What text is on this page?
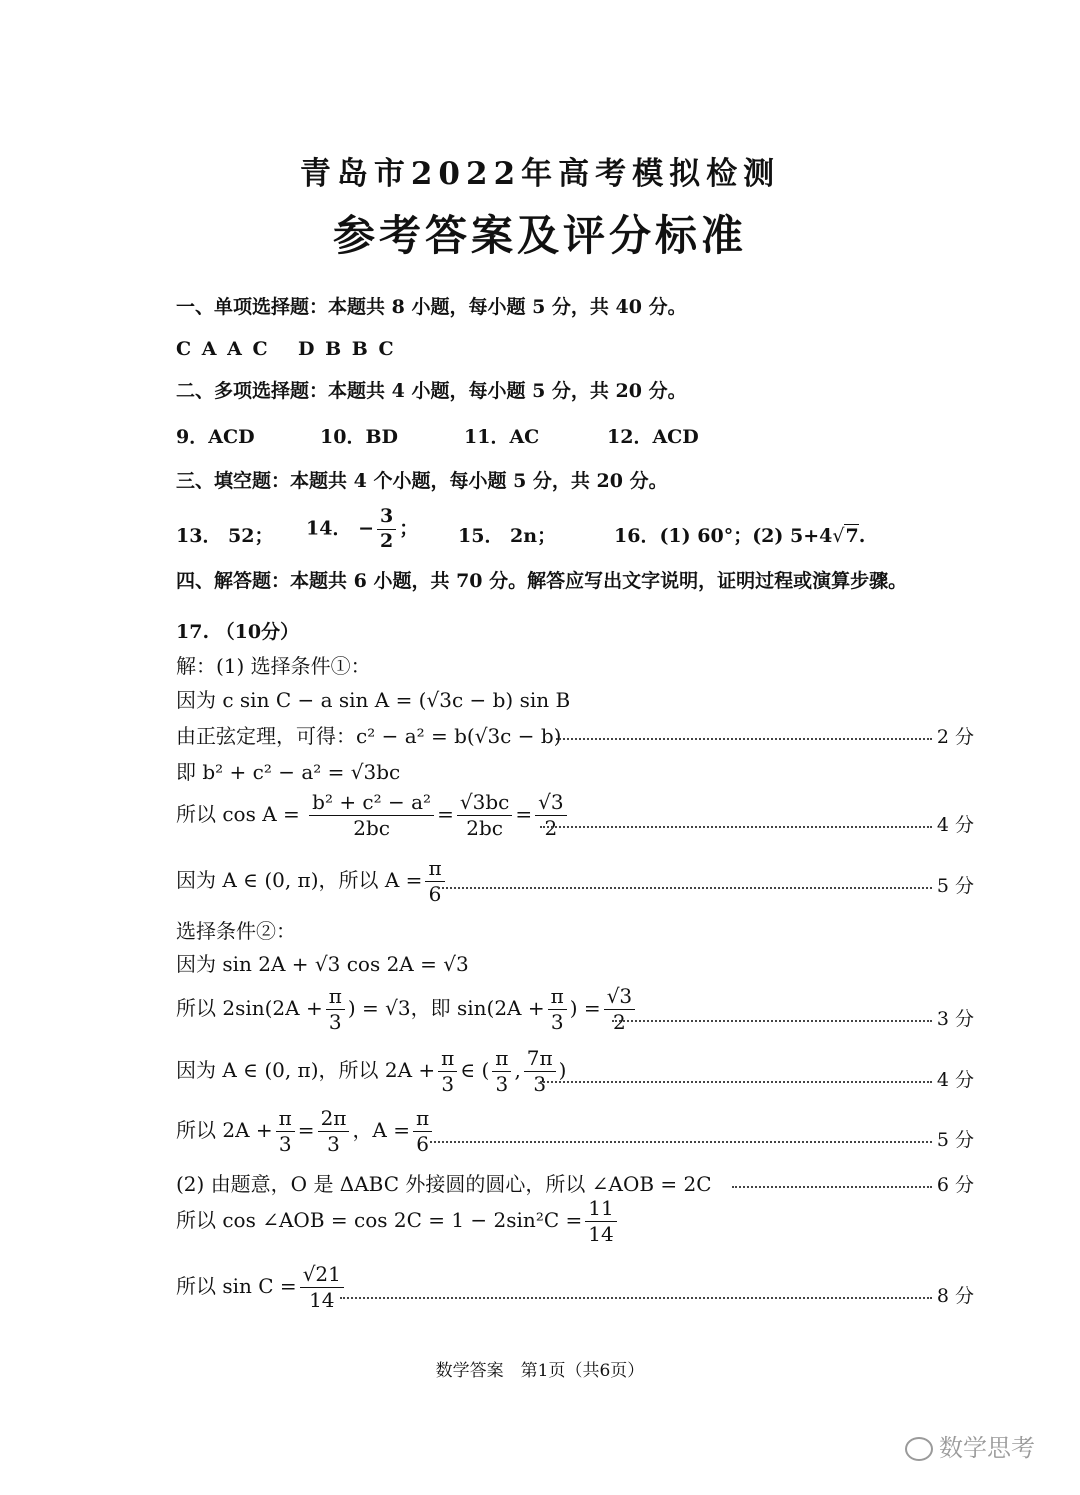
青岛市2022年高考模拟检测
参考答案及评分标准
一、单项选择题：本题共 8 小题，每小题 5 分，共 40 分。
C A A C D B B C
二、多项选择题：本题共 4 小题，每小题 5 分，共 20 分。
9．ACD	10．BD	11．AC	12．ACD
三、填空题：本题共 4 个小题，每小题 5 分，共 20 分。
13． 52； 14． − $\frac{3}{2}$ ； 15． 2n；	16．(1) 60°；(2) 5+4√7.
四、解答题：本题共 6 小题，共 70 分。解答应写出文字说明，证明过程或演算步骤。
17. （10分）
解：(1) 选择条件①：
因为 c sin C − a sin A = (√3c − b) sin B
由正弦定理，可得：c² − a² = b(√3c − b)	2 分
即 b² + c² − a² = √3bc
所以 $\cos A = \frac{\text{b² + c² − a²}}{2bc} = \frac{√3bc}{2bc} = \frac{√3}{2}$	4 分
因为 A ∈ (0, π)，所以 $A = \frac{\pi}{6}$	5 分
选择条件②：
因为 sin 2A + √3 cos 2A = √3
所以 $2\sin(2A + \frac{\pi}{3}$ ) = √3，即 $\sin(2A + \frac{\pi}{3}$ ) = $\frac{√3}{2}$	3 分
因为 A ∈ (0, π)，所以 $2A + \frac{\pi}{3}$ ∈ ( $\frac{\pi}{3}$ , $\frac{7\pi}{3}$ )	4 分
所以 $2A + \frac{\pi}{3} = \frac{2\pi}{3}$ ，$A = \frac{\pi}{6}$	5 分
(2) 由题意，O 是 ΔABC 外接圆的圆心，所以 ∠AOB = 2C	6 分
所以 cos ∠AOB = $\cos 2C = 1 - 2\sin^2C = \frac{11}{14}$
所以 $\sin C = \frac{√21}{14}$	8 分
数学答案　第1页（共6页）
数学思考
